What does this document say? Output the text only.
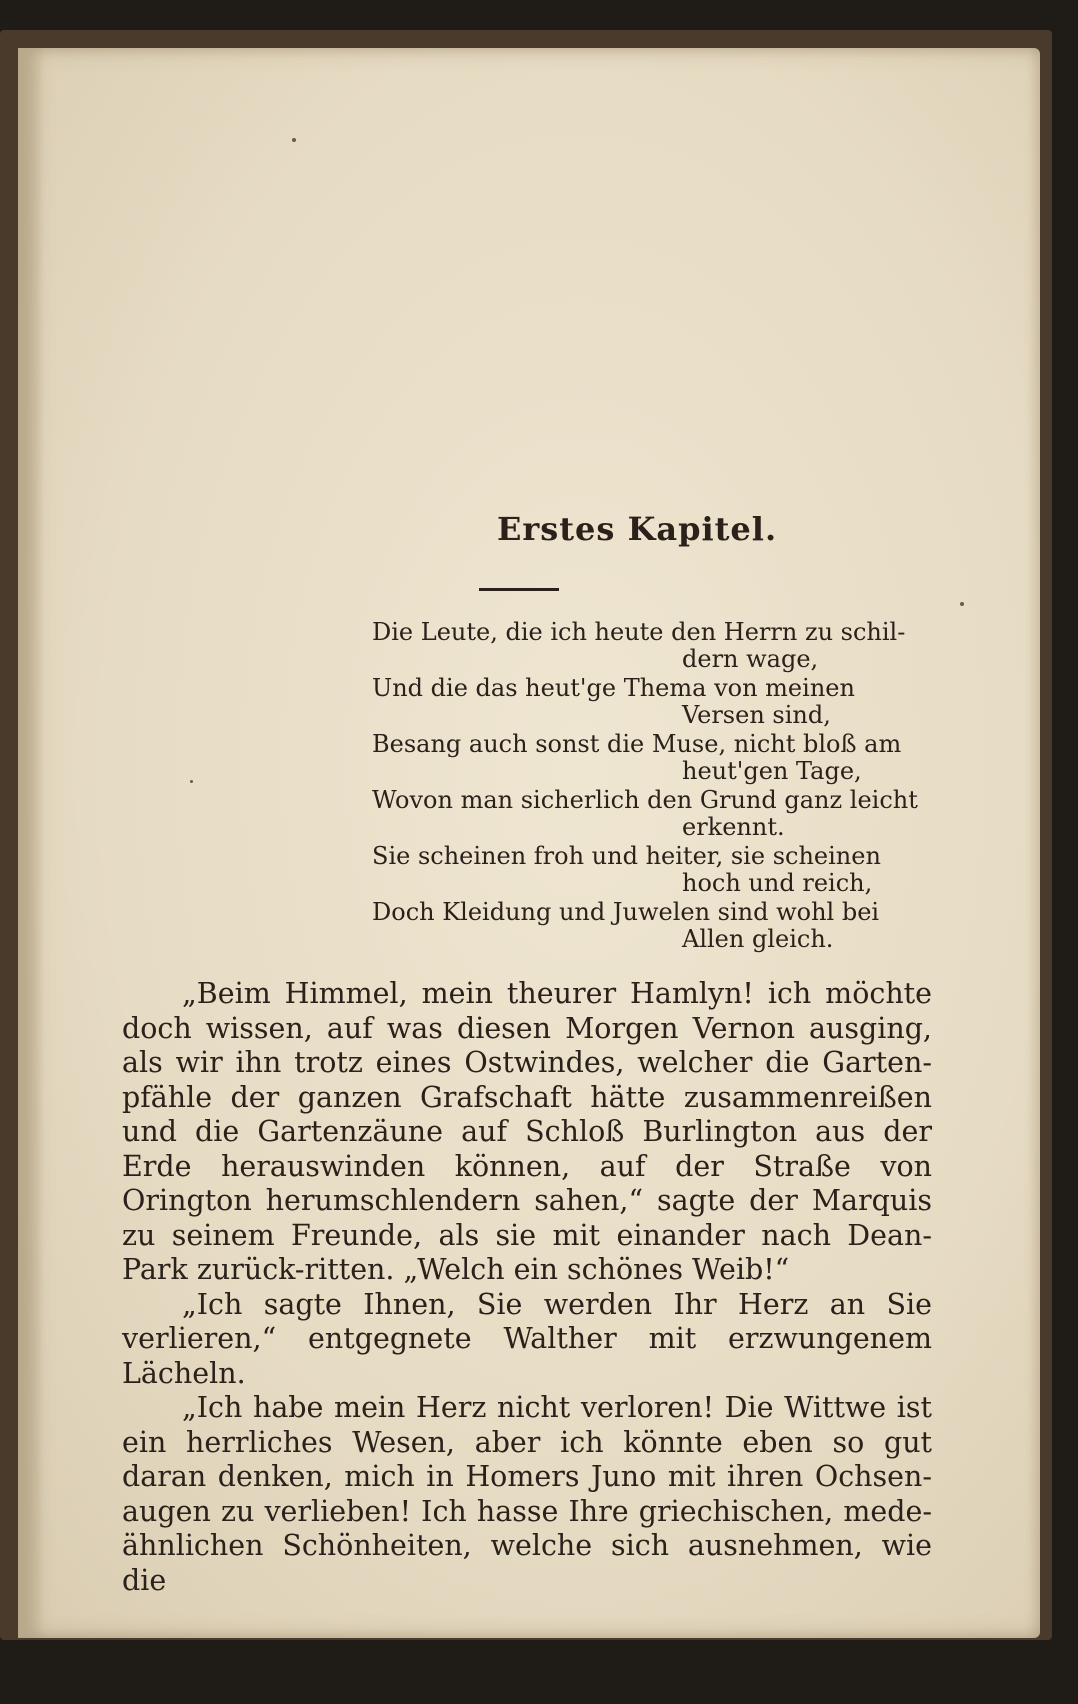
Erstes Kapitel.
Die Leute, die ich heute den Herrn zu schil-
dern wage,
Und die das heut'ge Thema von meinen
Versen sind,
Besang auch sonst die Muse, nicht bloß am
heut'gen Tage,
Wovon man sicherlich den Grund ganz leicht
erkennt.
Sie scheinen froh und heiter, sie scheinen
hoch und reich,
Doch Kleidung und Juwelen sind wohl bei
Allen gleich.

„Beim Himmel, mein theurer Hamlyn! ich möchte doch wissen, auf was diesen Morgen Vernon ausging, als wir ihn trotz eines Ostwindes, welcher die Garten-pfähle der ganzen Grafschaft hätte zusammenreißen und die Gartenzäune auf Schloß Burlington aus der Erde herauswinden können, auf der Straße von Orington herumschlendern sahen,“ sagte der Marquis zu seinem Freunde, als sie mit einander nach Dean-Park zurück-ritten. „Welch ein schönes Weib!“

„Ich sagte Ihnen, Sie werden Ihr Herz an Sie verlieren,“ entgegnete Walther mit erzwungenem Lächeln.

„Ich habe mein Herz nicht verloren! Die Wittwe ist ein herrliches Wesen, aber ich könnte eben so gut daran denken, mich in Homers Juno mit ihren Ochsen-augen zu verlieben! Ich hasse Ihre griechischen, mede-ähnlichen Schönheiten, welche sich ausnehmen, wie die
